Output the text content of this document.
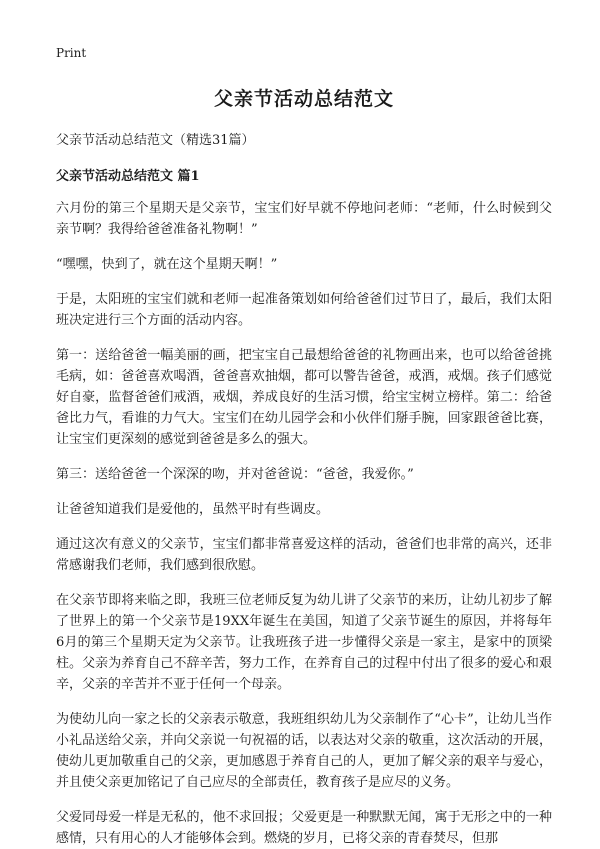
Print
父亲节活动总结范文
父亲节活动总结范文（精选31篇）
父亲节活动总结范文 篇1

六月份的第三个星期天是父亲节，宝宝们好早就不停地问老师：“老师，什么时候到父亲节啊？我得给爸爸准备礼物啊！”

“嘿嘿，快到了，就在这个星期天啊！”

于是，太阳班的宝宝们就和老师一起准备策划如何给爸爸们过节日了，最后，我们太阳班决定进行三个方面的活动内容。

第一：送给爸爸一幅美丽的画，把宝宝自己最想给爸爸的礼物画出来，也可以给爸爸挑毛病，如：爸爸喜欢喝酒，爸爸喜欢抽烟，都可以警告爸爸，戒酒，戒烟。孩子们感觉好自豪，监督爸爸们戒酒，戒烟，养成良好的生活习惯，给宝宝树立榜样。第二：给爸爸比力气，看谁的力气大。宝宝们在幼儿园学会和小伙伴们掰手腕，回家跟爸爸比赛，让宝宝们更深刻的感觉到爸爸是多么的强大。

第三：送给爸爸一个深深的吻，并对爸爸说：“爸爸，我爱你。”

让爸爸知道我们是爱他的，虽然平时有些调皮。

通过这次有意义的父亲节，宝宝们都非常喜爱这样的活动，爸爸们也非常的高兴，还非常感谢我们老师，我们感到很欣慰。

在父亲节即将来临之即，我班三位老师反复为幼儿讲了父亲节的来历，让幼儿初步了解了世界上的第一个父亲节是19XX年诞生在美国，知道了父亲节诞生的原因，并将每年6月的第三个星期天定为父亲节。让我班孩子进一步懂得父亲是一家主，是家中的顶梁柱。父亲为养育自己不辞辛苦，努力工作，在养育自己的过程中付出了很多的爱心和艰辛，父亲的辛苦并不亚于任何一个母亲。

为使幼儿向一家之长的父亲表示敬意，我班组织幼儿为父亲制作了“心卡”，让幼儿当作小礼品送给父亲，并向父亲说一句祝福的话，以表达对父亲的敬重，这次活动的开展，使幼儿更加敬重自己的父亲，更加感恩于养育自己的人，更加了解父亲的艰辛与爱心，并且使父亲更加铭记了自己应尽的全部责任，教育孩子是应尽的义务。

父爱同母爱一样是无私的，他不求回报；父爱更是一种默默无闻，寓于无形之中的一种感情，只有用心的人才能够体会到。燃烧的岁月，已将父亲的青春焚尽，但那
